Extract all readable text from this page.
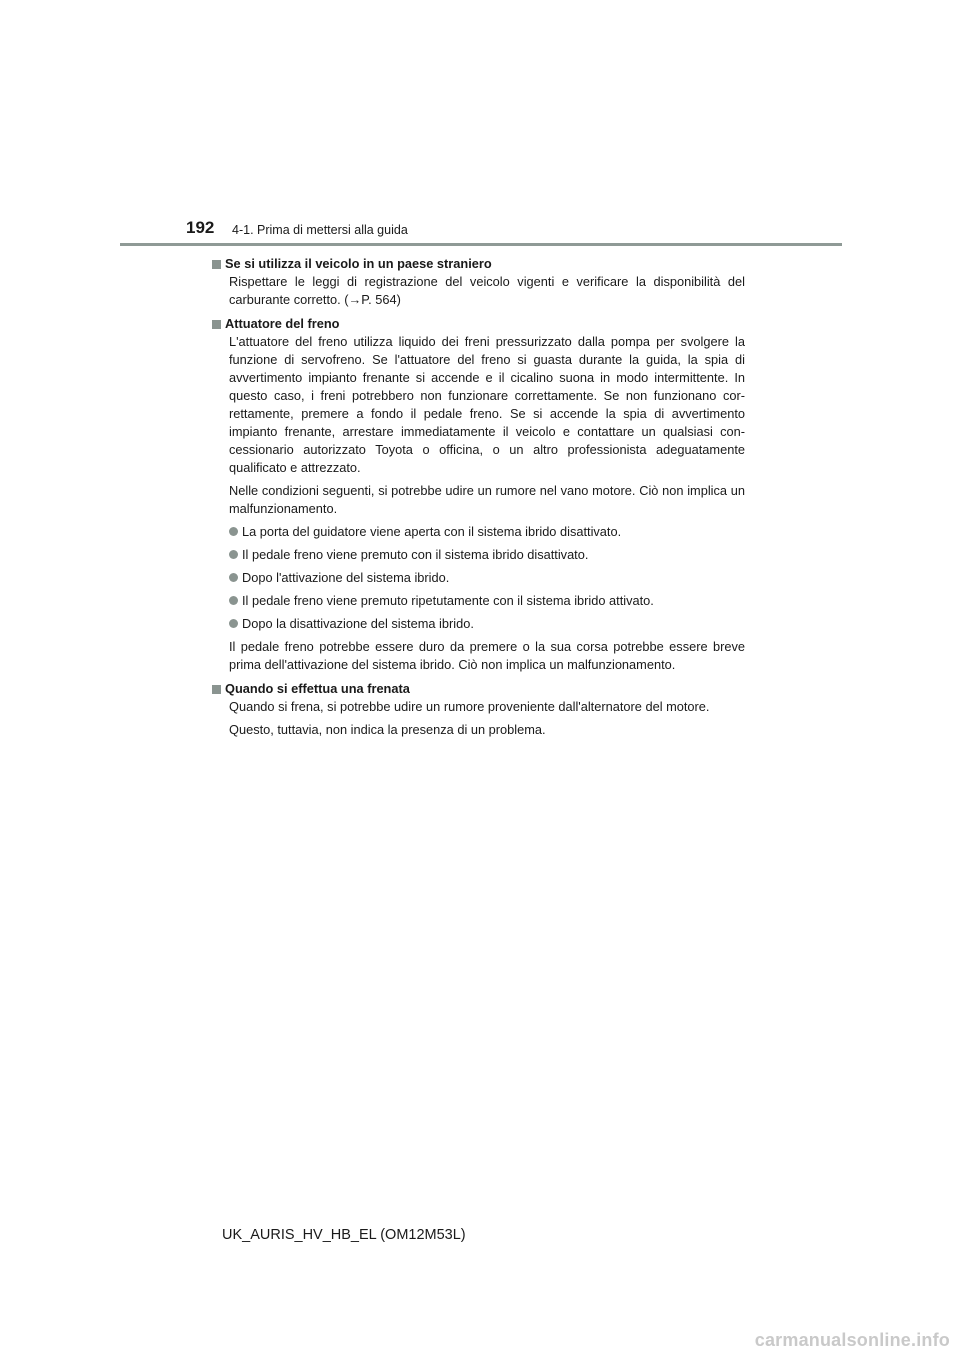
192 4-1. Prima di mettersi alla guida
Se si utilizza il veicolo in un paese straniero

Rispettare le leggi di registrazione del veicolo vigenti e verificare la disponibilità del carburante corretto. (→P. 564)

Attuatore del freno

L'attuatore del freno utilizza liquido dei freni pressurizzato dalla pompa per svolgere la funzione di servofreno. Se l'attuatore del freno si guasta durante la guida, la spia di avvertimento impianto frenante si accende e il cicalino suona in modo intermittente. In questo caso, i freni potrebbero non funzionare correttamente. Se non funzionano cor-rettamente, premere a fondo il pedale freno. Se si accende la spia di avvertimento impianto frenante, arrestare immediatamente il veicolo e contattare un qualsiasi con-cessionario autorizzato Toyota o officina, o un altro professionista adeguatamente qualificato e attrezzato.

Nelle condizioni seguenti, si potrebbe udire un rumore nel vano motore. Ciò non implica un malfunzionamento.

La porta del guidatore viene aperta con il sistema ibrido disattivato.
Il pedale freno viene premuto con il sistema ibrido disattivato.
Dopo l'attivazione del sistema ibrido.
Il pedale freno viene premuto ripetutamente con il sistema ibrido attivato.
Dopo la disattivazione del sistema ibrido.

Il pedale freno potrebbe essere duro da premere o la sua corsa potrebbe essere breve prima dell'attivazione del sistema ibrido. Ciò non implica un malfunzionamento.

Quando si effettua una frenata

Quando si frena, si potrebbe udire un rumore proveniente dall'alternatore del motore.

Questo, tuttavia, non indica la presenza di un problema.

UK_AURIS_HV_HB_EL (OM12M53L)
carmanualsonline.info
